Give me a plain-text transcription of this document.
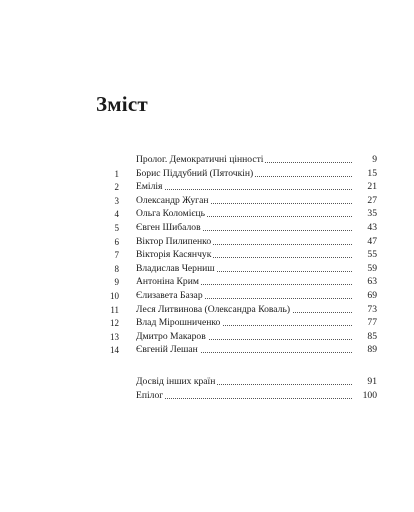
Зміст
Пролог. Демократичні цінності	9
1 Борис Піддубний (Пяточкін)	15
2 Емілія	21
3 Олександр Жуган	27
4 Ольга Коломієць	35
5 Євген Шибалов	43
6 Віктор Пилипенко	47
7 Вікторія Касянчук	55
8 Владислав Черниш	59
9 Антоніна Крим	63
10 Єлизавета Базар	69
11 Леся Литвинова (Олександра Коваль)	73
12 Влад Мірошниченко	77
13 Дмитро Макаров	85
14 Євгеній Лешан	89
Досвід інших країн	91
Епілог	100
